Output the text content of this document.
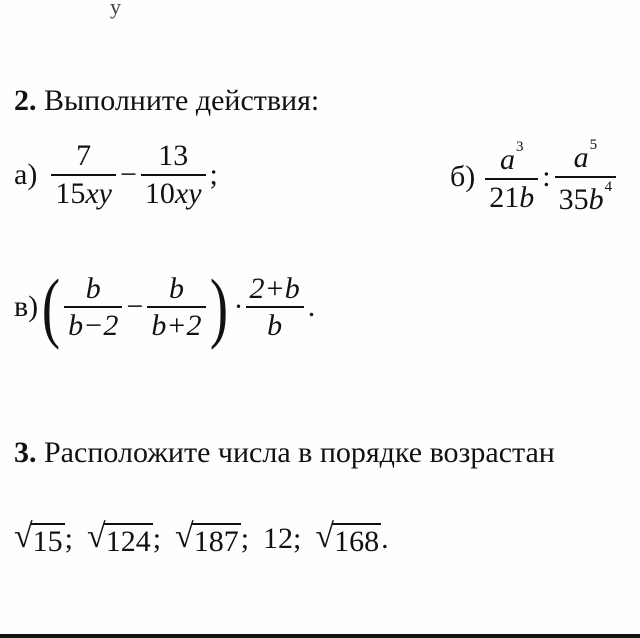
у
2. Выполните действия:
$а) \frac{7}{15xy} - \frac{13}{10xy}$ ;	$б) \frac{a^3}{21b}$ : $\frac{a^5}{35b^4}$
в) ( $\frac{b}{b-2} - \frac{b}{b+2}$ ) · $\frac{2+b}{b}$ .
3. Расположите числа в порядке возрастан
√ 15 ; √ 124 ; √ 187 ; 12 ; √ 168 .
